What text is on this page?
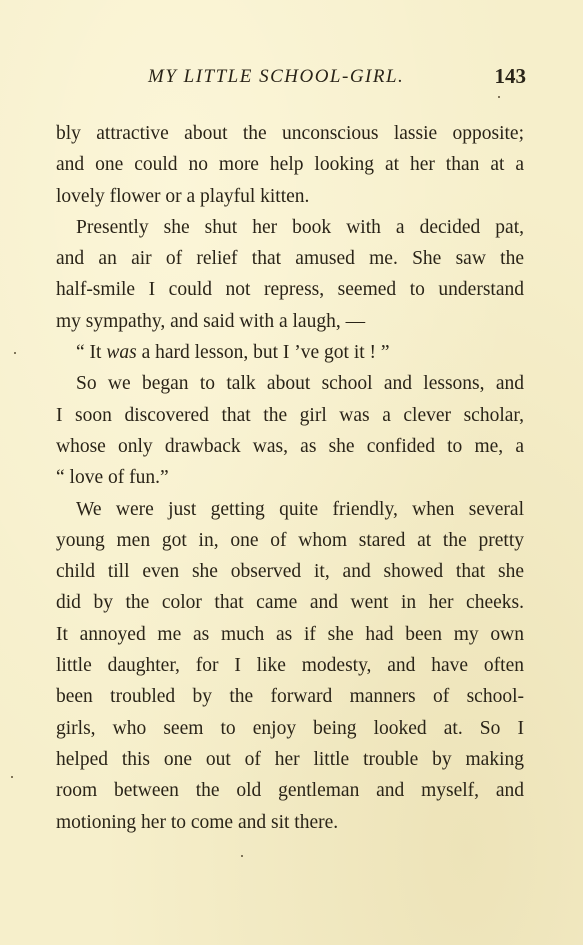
MY LITTLE SCHOOL-GIRL.	143

bly attractive about the unconscious lassie opposite;
and one could no more help looking at her than at a

lovely flower or a playful kitten.

Presently she shut her book with a decided pat,
and an air of relief that amused me. She saw the
half-smile I could not repress, seemed to understand

my sympathy, and said with a laugh, —

“ It was a hard lesson, but I ’ve got it ! ”

So we began to talk about school and lessons, and
I soon discovered that the girl was a clever scholar,
whose only drawback was, as she confided to me, a

“ love of fun.”

We were just getting quite friendly, when several
young men got in, one of whom stared at the pretty
child till even she observed it, and showed that she
did by the color that came and went in her cheeks.
It annoyed me as much as if she had been my own
little daughter, for I like modesty, and have often
been troubled by the forward manners of school-
girls, who seem to enjoy being looked at. So I
helped this one out of her little trouble by making
room between the old gentleman and myself, and

motioning her to come and sit there.
